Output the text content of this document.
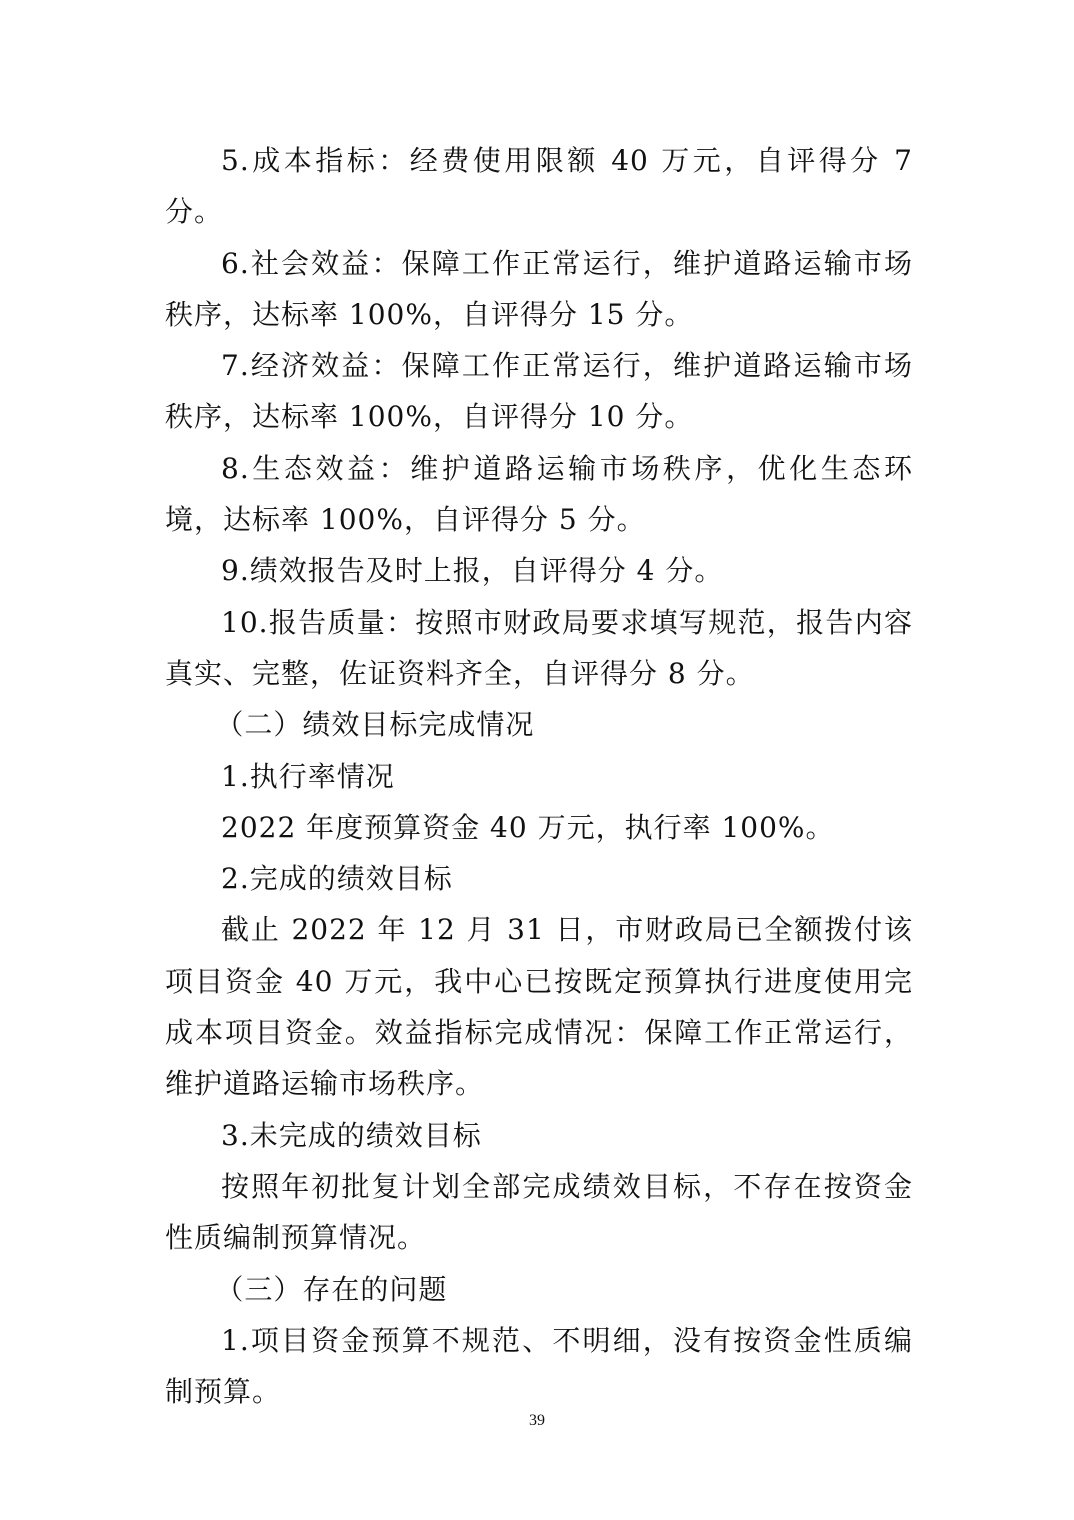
5.成本指标：经费使用限额 40 万元，自评得分 7 分。

6.社会效益：保障工作正常运行，维护道路运输市场秩序，达标率 100%，自评得分 15 分。

7.经济效益：保障工作正常运行，维护道路运输市场秩序，达标率 100%，自评得分 10 分。

8.生态效益：维护道路运输市场秩序，优化生态环境，达标率 100%，自评得分 5 分。

9.绩效报告及时上报，自评得分 4 分。

10.报告质量：按照市财政局要求填写规范，报告内容真实、完整，佐证资料齐全，自评得分 8 分。

（二）绩效目标完成情况

1.执行率情况

2022 年度预算资金 40 万元，执行率 100%。

2.完成的绩效目标

截止 2022 年 12 月 31 日，市财政局已全额拨付该项目资金 40 万元，我中心已按既定预算执行进度使用完成本项目资金。效益指标完成情况：保障工作正常运行，维护道路运输市场秩序。

3.未完成的绩效目标

按照年初批复计划全部完成绩效目标，不存在按资金性质编制预算情况。

（三）存在的问题

1.项目资金预算不规范、不明细，没有按资金性质编制预算。

39
